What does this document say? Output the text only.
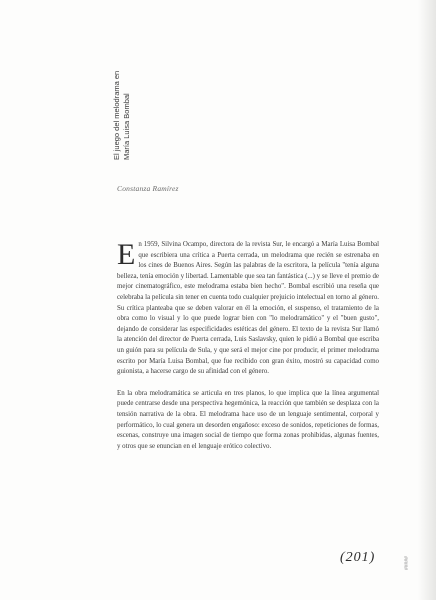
El juego del melodrama en María Luisa Bombal
Constanza Ramírez

En 1959, Silvina Ocampo, directora de la revista Sur, le encargó a María Luisa Bombal que escribiera una crítica a Puerta cerrada, un melodrama que recién se estrenaba en los cines de Buenos Aires. Según las palabras de la escritora, la película "tenía alguna belleza, tenía emoción y libertad. Lamentable que sea tan fantástica (...) y se lleve el premio de mejor cinematográfico, este melodrama estaba bien hecho". Bombal escribió una reseña que celebraba la película sin tener en cuenta todo cualquier prejuicio intelectual en torno al género. Su crítica planteaba que se deben valorar en él la emoción, el suspenso, el tratamiento de la obra como lo visual y lo que puede lograr bien con "lo melodramático" y el "buen gusto", dejando de considerar las especificidades estéticas del género. El texto de la revista Sur llamó la atención del director de Puerta cerrada, Luis Saslavsky, quien le pidió a Bombal que escriba un guión para su película de Sula, y que será el mejor cine por producir, el primer melodrama escrito por María Luisa Bombal, que fue recibido con gran éxito, mostró su capacidad como guionista, a hacerse cargo de su afinidad con el género.

En la obra melodramática se articula en tres planos, lo que implica que la línea argumental puede centrarse desde una perspectiva hegemónica, la reacción que también se desplaza con la tensión narrativa de la obra. El melodrama hace uso de un lenguaje sentimental, corporal y performático, lo cual genera un desorden engañoso: exceso de sonidos, repeticiones de formas, escenas, construye una imagen social de tiempo que forma zonas prohibidas, algunas fuentes, y otros que se enuncian en el lenguaje erótico colectivo.

(201)	#####
